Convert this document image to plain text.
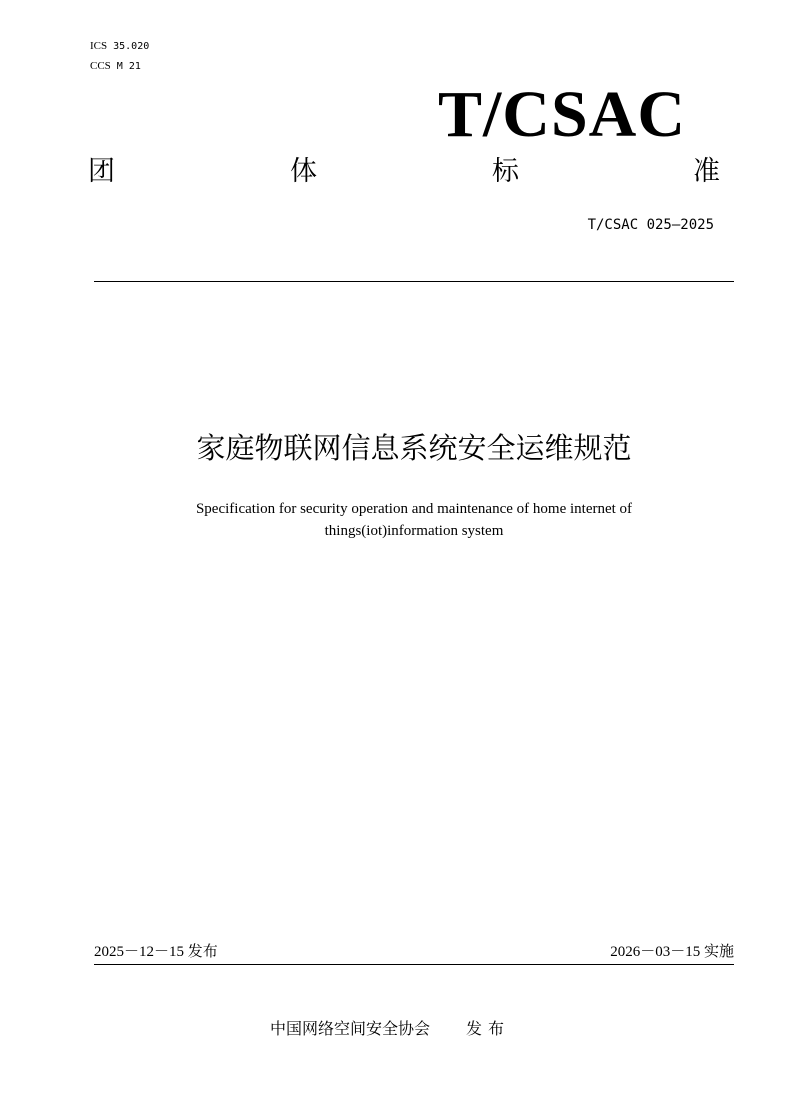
ICS 35.020
CCS M 21
T/CSAC
团	体	标	准
T/CSAC 025—2025
家庭物联网信息系统安全运维规范
Specification for security operation and maintenance of home internet of
things(iot)information system
2025－12－15 发布	2026－03－15 实施
中国网络空间安全协会 发布
